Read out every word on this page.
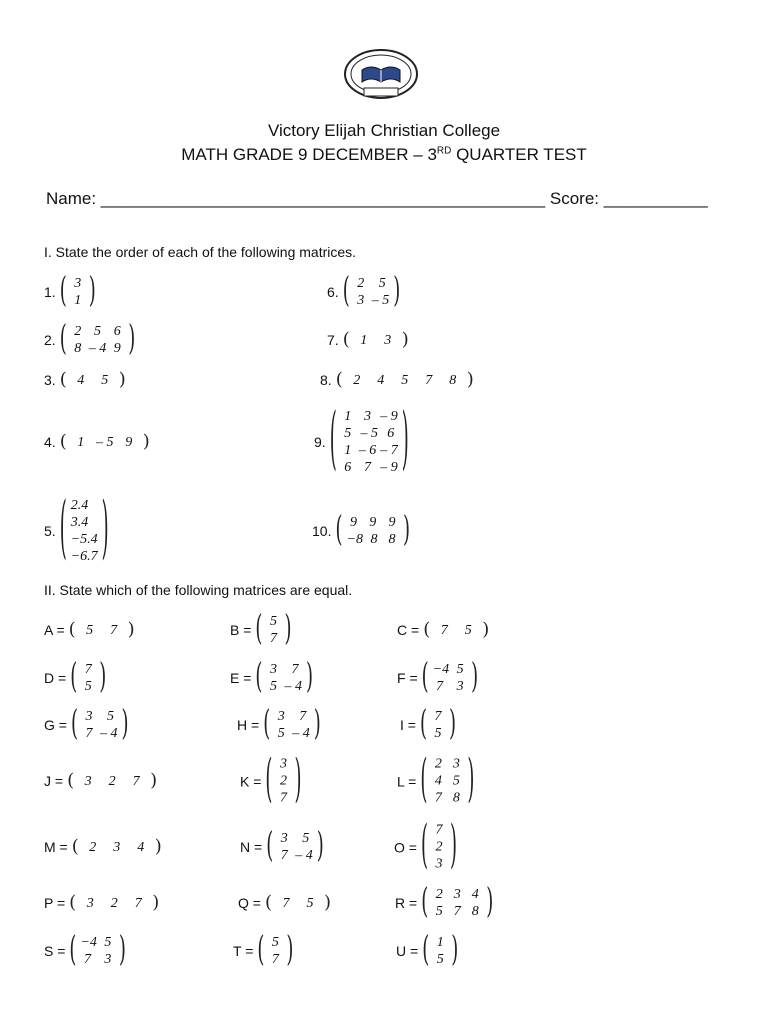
Victory Elijah Christian College
MATH GRADE 9 DECEMBER – 3RD QUARTER TEST
Name: _______________________________________________ Score: ___________
I. State the order of each of the following matrices.
1. ( 3
1 )
2. ( 2 5 6
8 – 4 9 )
3. ( 4	5 )
4. ( 1 – 5 9 )
5. ( 2.4
3.4
−5.4
−6.7 )
6. ( 2	5
3 – 5 )
7. ( 1	3 )
8. ( 2	4	5	7	8 )
9. ( 1 3 – 9
5 – 5 6
1 – 6 – 7
6 7 – 9 )
10. ( 9 9 9
−8 8 8 )
II. State which of the following matrices are equal.
A = ( 5	7 )	B = ( 5
7 )	C = ( 7	5 )
D = ( 7
5 )	E = ( 3	7
5 – 4 )	F = ( −4 5
7 3 )
G = ( 3	5
7 – 4 )	H = ( 3	7
5 – 4 )	I = ( 7
5 )
J = ( 3	2	7 )	K = ( 3
2
7 )	L = ( 2 3
4 5
7 8 )
M = ( 2	3	4 )	N = ( 3	5
7 – 4 )	O = ( 7
2
3 )
P = ( 3	2	7 )	Q = ( 7	5 )	R = ( 2 3 4
5 7 8 )
S = ( −4 5
7 3 )	T = ( 5
7 )	U = ( 1
5 )
